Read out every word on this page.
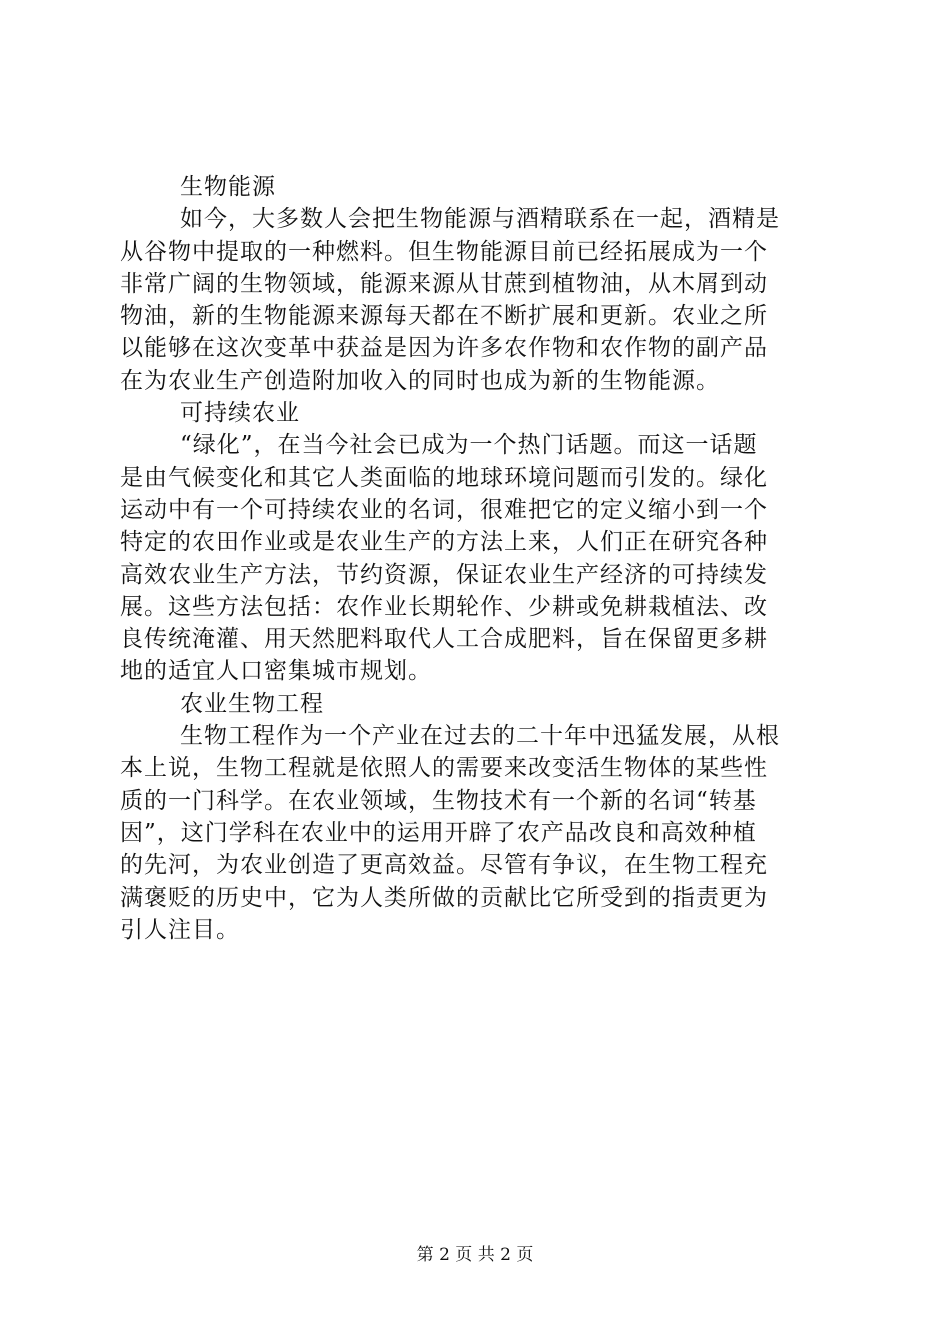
生物能源
如今，大多数人会把生物能源与酒精联系在一起，酒精是
从谷物中提取的一种燃料。但生物能源目前已经拓展成为一个
非常广阔的生物领域，能源来源从甘蔗到植物油，从木屑到动
物油，新的生物能源来源每天都在不断扩展和更新。农业之所
以能够在这次变革中获益是因为许多农作物和农作物的副产品
在为农业生产创造附加收入的同时也成为新的生物能源。
可持续农业
“绿化”，在当今社会已成为一个热门话题。而这一话题
是由气候变化和其它人类面临的地球环境问题而引发的。绿化
运动中有一个可持续农业的名词，很难把它的定义缩小到一个
特定的农田作业或是农业生产的方法上来，人们正在研究各种
高效农业生产方法，节约资源，保证农业生产经济的可持续发
展。这些方法包括：农作业长期轮作、少耕或免耕栽植法、改
良传统淹灌、用天然肥料取代人工合成肥料，旨在保留更多耕
地的适宜人口密集城市规划。
农业生物工程
生物工程作为一个产业在过去的二十年中迅猛发展，从根
本上说，生物工程就是依照人的需要来改变活生物体的某些性
质的一门科学。在农业领域，生物技术有一个新的名词“转基
因”，这门学科在农业中的运用开辟了农产品改良和高效种植
的先河，为农业创造了更高效益。尽管有争议，在生物工程充
满褒贬的历史中，它为人类所做的贡献比它所受到的指责更为
引人注目。
第 2 页 共 2 页
